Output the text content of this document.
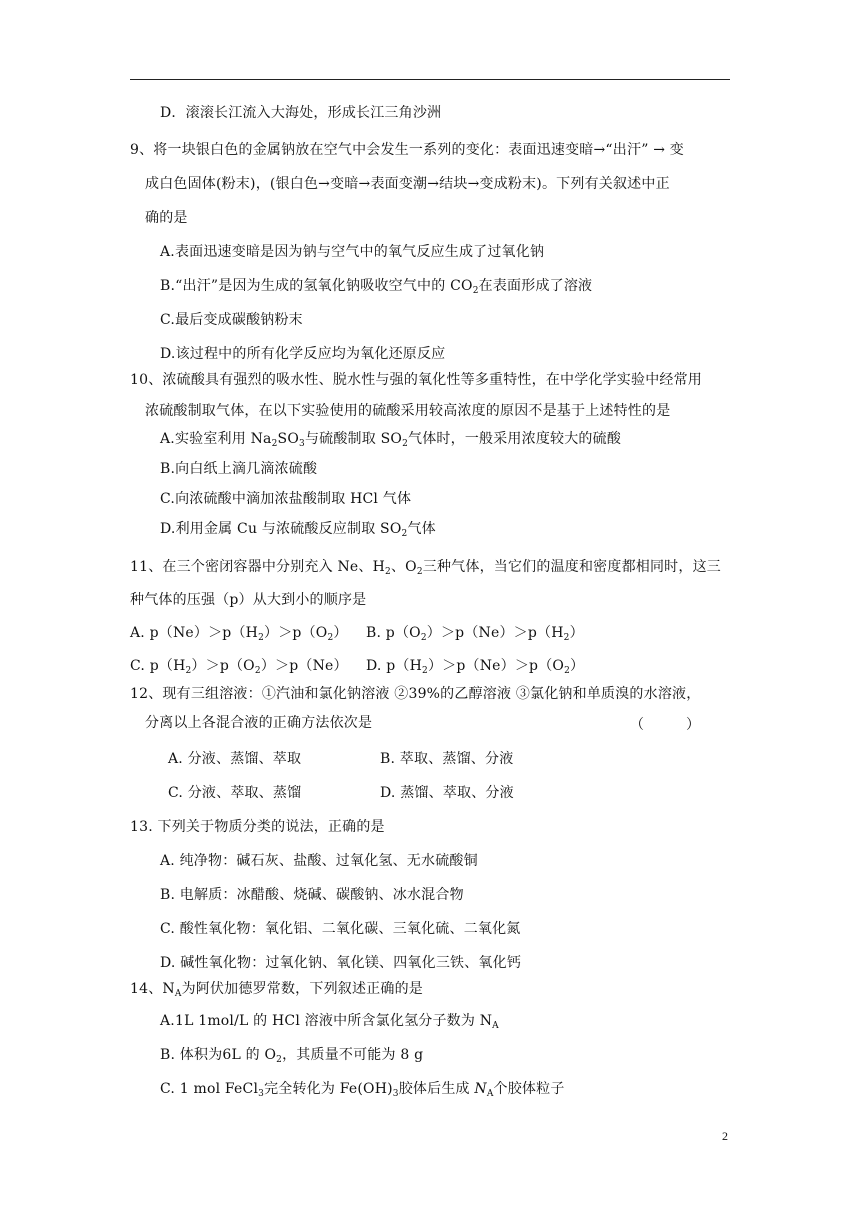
D．滚滚长江流入大海处，形成长江三角沙洲
9、将一块银白色的金属钠放在空气中会发生一系列的变化：表面迅速变暗→“出汗” → 变
成白色固体(粉末)，(银白色→变暗→表面变潮→结块→变成粉末)。下列有关叙述中正
确的是
A.表面迅速变暗是因为钠与空气中的氧气反应生成了过氧化钠
B.“出汗”是因为生成的氢氧化钠吸收空气中的 $CO_2$在表面形成了溶液
C.最后变成碳酸钠粉末
D.该过程中的所有化学反应均为氧化还原反应
10、浓硫酸具有强烈的吸水性、脱水性与强的氧化性等多重特性，在中学化学实验中经常用
浓硫酸制取气体，在以下实验使用的硫酸采用较高浓度的原因不是基于上述特性的是
A.实验室利用 $Na_2SO_3$与硫酸制取 $SO_2$气体时，一般采用浓度较大的硫酸
B.向白纸上滴几滴浓硫酸
C.向浓硫酸中滴加浓盐酸制取 HCl 气体
D.利用金属 Cu 与浓硫酸反应制取 $SO_2$气体
11、在三个密闭容器中分别充入 Ne、$H_2$、$O_2$三种气体，当它们的温度和密度都相同时，这三
种气体的压强（p）从大到小的顺序是
A. $p(Ne)>p(H_2)>p(O_2)$ B. $p(O_2)>p(Ne)>p(H_2)$
C. $p(H_2)>p(O_2)>p(Ne)$ D. $p(H_2)>p(Ne)>p(O_2)$
12、现有三组溶液：①汽油和氯化钠溶液 ②39%的乙醇溶液 ③氯化钠和单质溴的水溶液，
分离以上各混合液的正确方法依次是	（　　　）
A. 分液、蒸馏、萃取	B. 萃取、蒸馏、分液
C. 分液、萃取、蒸馏	D. 蒸馏、萃取、分液
13. 下列关于物质分类的说法，正确的是
A. 纯净物：碱石灰、盐酸、过氧化氢、无水硫酸铜
B. 电解质：冰醋酸、烧碱、碳酸钠、冰水混合物
C. 酸性氧化物：氧化铝、二氧化碳、三氧化硫、二氧化氮
D. 碱性氧化物：过氧化钠、氧化镁、四氧化三铁、氧化钙
14、$N_A$为阿伏加德罗常数，下列叙述正确的是
A.1L 1mol/L 的 HCl 溶液中所含氯化氢分子数为 $N_A$
B. 体积为6L 的 $O_2$，其质量不可能为 8 g
C. 1 mol FeCl$_3$完全转化为 $Fe(OH)_3$胶体后生成 $N_A$个胶体粒子
2
